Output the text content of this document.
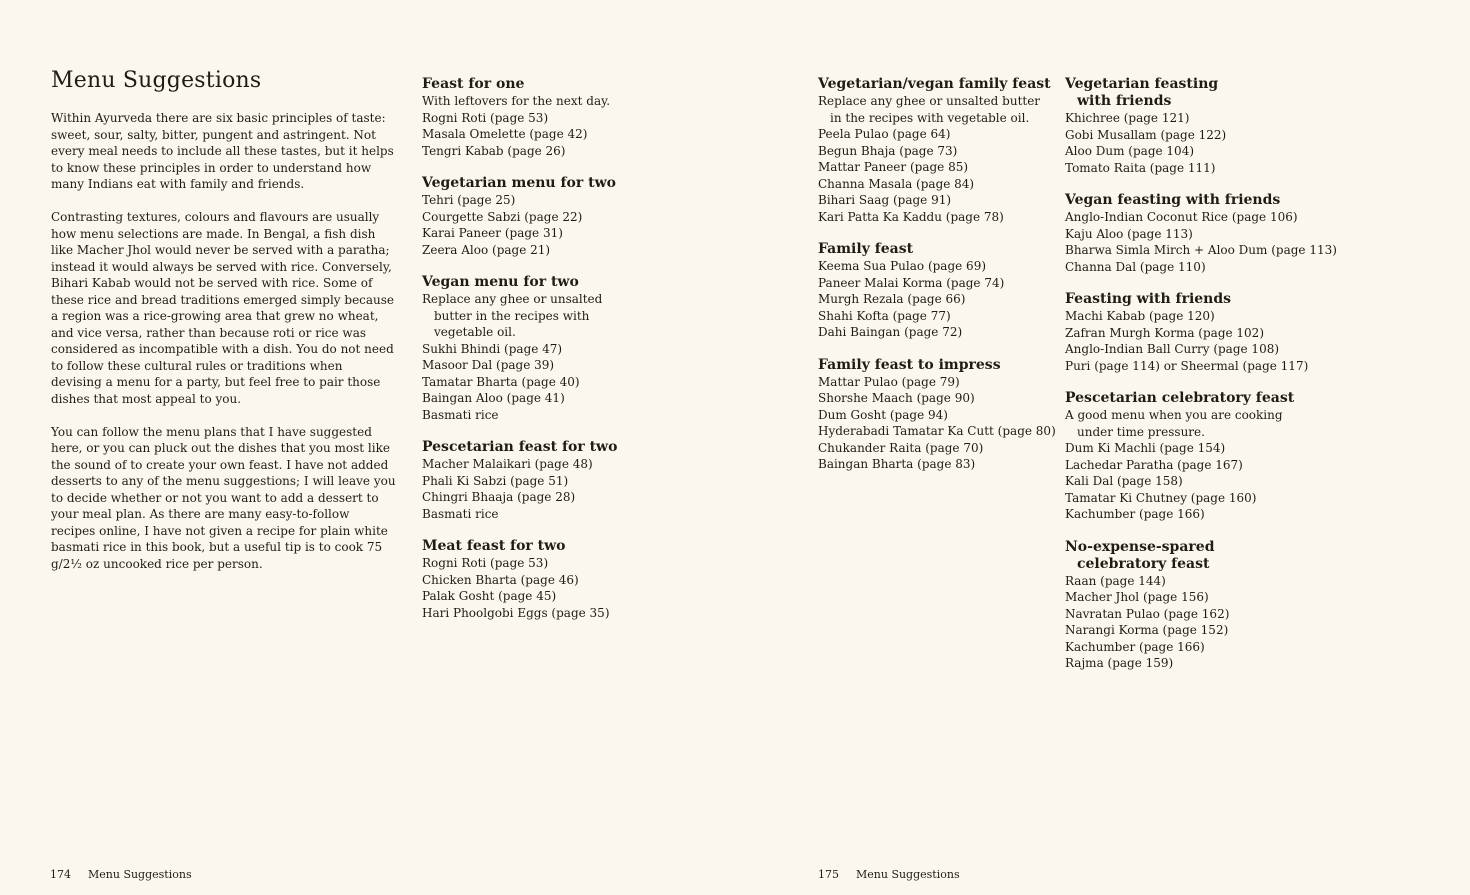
Menu Suggestions

Within Ayurveda there are six basic principles of taste: sweet, sour, salty, bitter, pungent and astringent. Not every meal needs to include all these tastes, but it helps to know these principles in order to understand how many Indians eat with family and friends.

Contrasting textures, colours and flavours are usually how menu selections are made. In Bengal, a fish dish like Macher Jhol would never be served with a paratha; instead it would always be served with rice. Conversely, Bihari Kabab would not be served with rice. Some of these rice and bread traditions emerged simply because a region was a rice-growing area that grew no wheat, and vice versa, rather than because roti or rice was considered as incompatible with a dish. You do not need to follow these cultural rules or traditions when devising a menu for a party, but feel free to pair those dishes that most appeal to you.

You can follow the menu plans that I have suggested here, or you can pluck out the dishes that you most like the sound of to create your own feast. I have not added desserts to any of the menu suggestions; I will leave you to decide whether or not you want to add a dessert to your meal plan. As there are many easy-to-follow recipes online, I have not given a recipe for plain white basmati rice in this book, but a useful tip is to cook 75 g/2½ oz uncooked rice per person.

Feast for one
With leftovers for the next day.
Rogni Roti (page 53)
Masala Omelette (page 42)
Tengri Kabab (page 26)
Vegetarian menu for two
Tehri (page 25)
Courgette Sabzi (page 22)
Karai Paneer (page 31)
Zeera Aloo (page 21)
Vegan menu for two
Replace any ghee or unsalted butter in the recipes with vegetable oil.
Sukhi Bhindi (page 47)
Masoor Dal (page 39)
Tamatar Bharta (page 40)
Baingan Aloo (page 41)
Basmati rice
Pescetarian feast for two
Macher Malaikari (page 48)
Phali Ki Sabzi (page 51)
Chingri Bhaaja (page 28)
Basmati rice
Meat feast for two
Rogni Roti (page 53)
Chicken Bharta (page 46)
Palak Gosht (page 45)
Hari Phoolgobi Eggs (page 35)
Vegetarian/vegan family feast
Replace any ghee or unsalted butter in the recipes with vegetable oil.
Peela Pulao (page 64)
Begun Bhaja (page 73)
Mattar Paneer (page 85)
Channa Masala (page 84)
Bihari Saag (page 91)
Kari Patta Ka Kaddu (page 78)
Family feast
Keema Sua Pulao (page 69)
Paneer Malai Korma (page 74)
Murgh Rezala (page 66)
Shahi Kofta (page 77)
Dahi Baingan (page 72)
Family feast to impress
Mattar Pulao (page 79)
Shorshe Maach (page 90)
Dum Gosht (page 94)
Hyderabadi Tamatar Ka Cutt (page 80)
Chukander Raita (page 70)
Baingan Bharta (page 83)
Vegetarian feasting with friends
Khichree (page 121)
Gobi Musallam (page 122)
Aloo Dum (page 104)
Tomato Raita (page 111)
Vegan feasting with friends
Anglo-Indian Coconut Rice (page 106)
Kaju Aloo (page 113)
Bharwa Simla Mirch + Aloo Dum (page 113)
Channa Dal (page 110)
Feasting with friends
Machi Kabab (page 120)
Zafran Murgh Korma (page 102)
Anglo-Indian Ball Curry (page 108)
Puri (page 114) or Sheermal (page 117)
Pescetarian celebratory feast
A good menu when you are cooking under time pressure.
Dum Ki Machli (page 154)
Lachedar Paratha (page 167)
Kali Dal (page 158)
Tamatar Ki Chutney (page 160)
Kachumber (page 166)
No-expense-spared celebratory feast
Raan (page 144)
Macher Jhol (page 156)
Navratan Pulao (page 162)
Narangi Korma (page 152)
Kachumber (page 166)
Rajma (page 159)
174 Menu Suggestions	175 Menu Suggestions
